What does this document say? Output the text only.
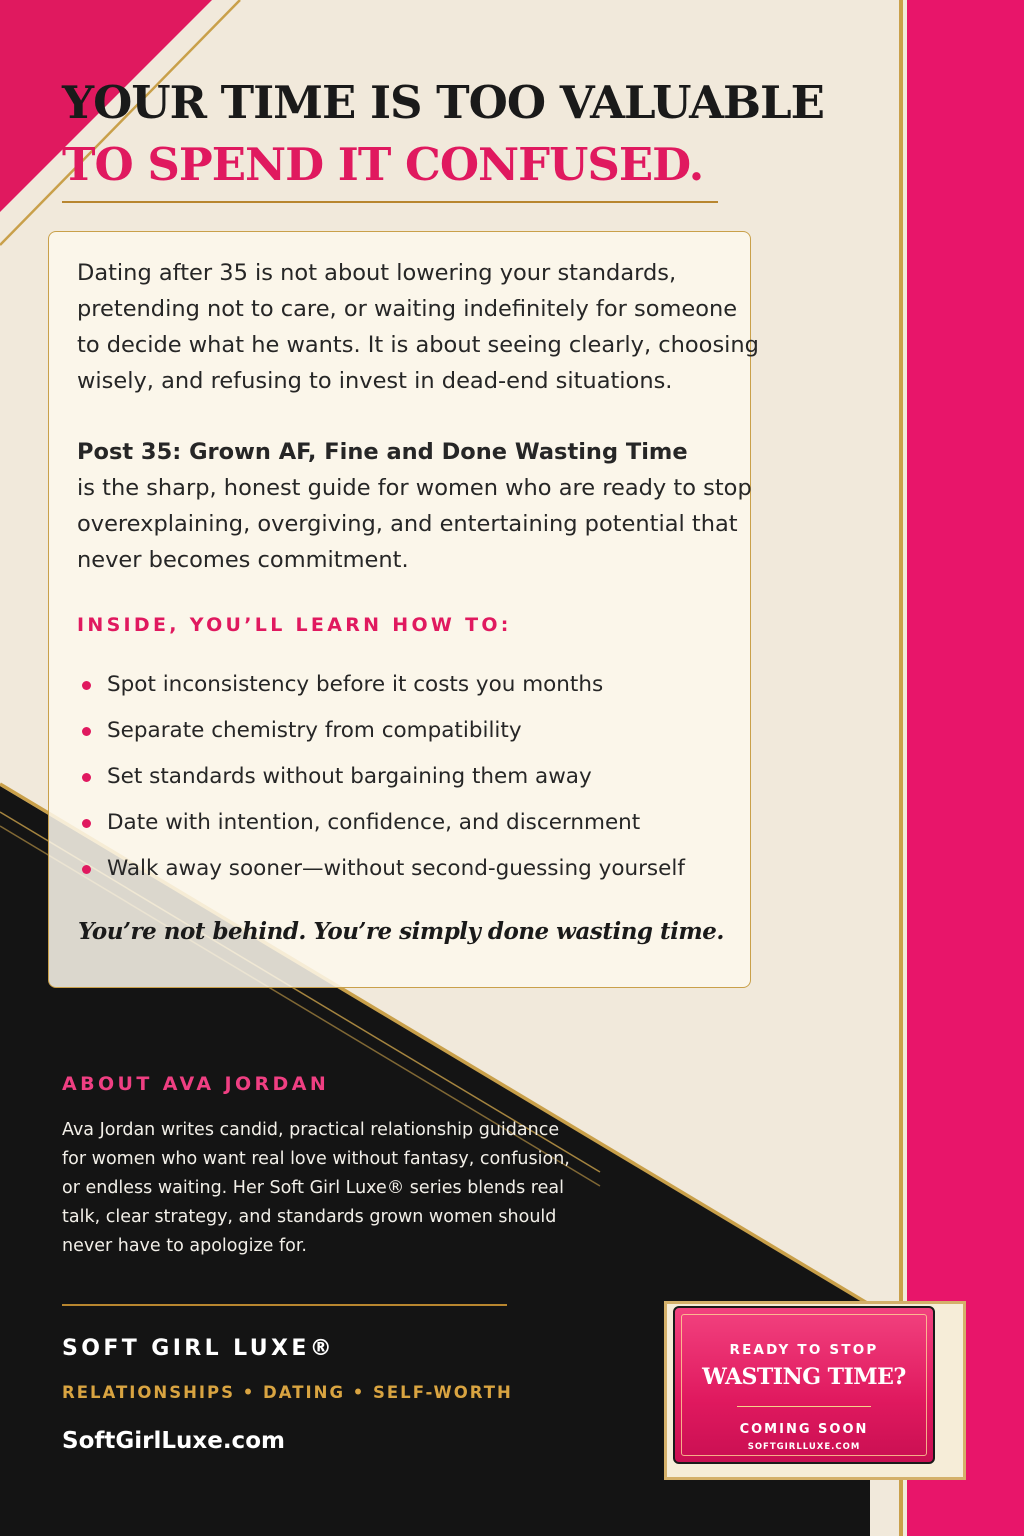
YOUR TIME IS TOO VALUABLE
TO SPEND IT CONFUSED.

Dating after 35 is not about lowering your standards,
pretending not to care, or waiting indefinitely for someone
to decide what he wants. It is about seeing clearly, choosing
wisely, and refusing to invest in dead-end situations.

Post 35: Grown AF, Fine and Done Wasting Time
is the sharp, honest guide for women who are ready to stop
overexplaining, overgiving, and entertaining potential that
never becomes commitment.

INSIDE, YOU’LL LEARN HOW TO:
Spot inconsistency before it costs you months
Separate chemistry from compatibility
Set standards without bargaining them away
Date with intention, confidence, and discernment
Walk away sooner—without second-guessing yourself
You’re not behind. You’re simply done wasting time.
ABOUT AVA JORDAN

Ava Jordan writes candid, practical relationship guidance
for women who want real love without fantasy, confusion,
or endless waiting. Her Soft Girl Luxe® series blends real
talk, clear strategy, and standards grown women should
never have to apologize for.

SOFT GIRL LUXE®
RELATIONSHIPS • DATING • SELF-WORTH
SoftGirlLuxe.com
READY TO STOP
WASTING TIME?
COMING SOON
SOFTGIRLLUXE.COM
